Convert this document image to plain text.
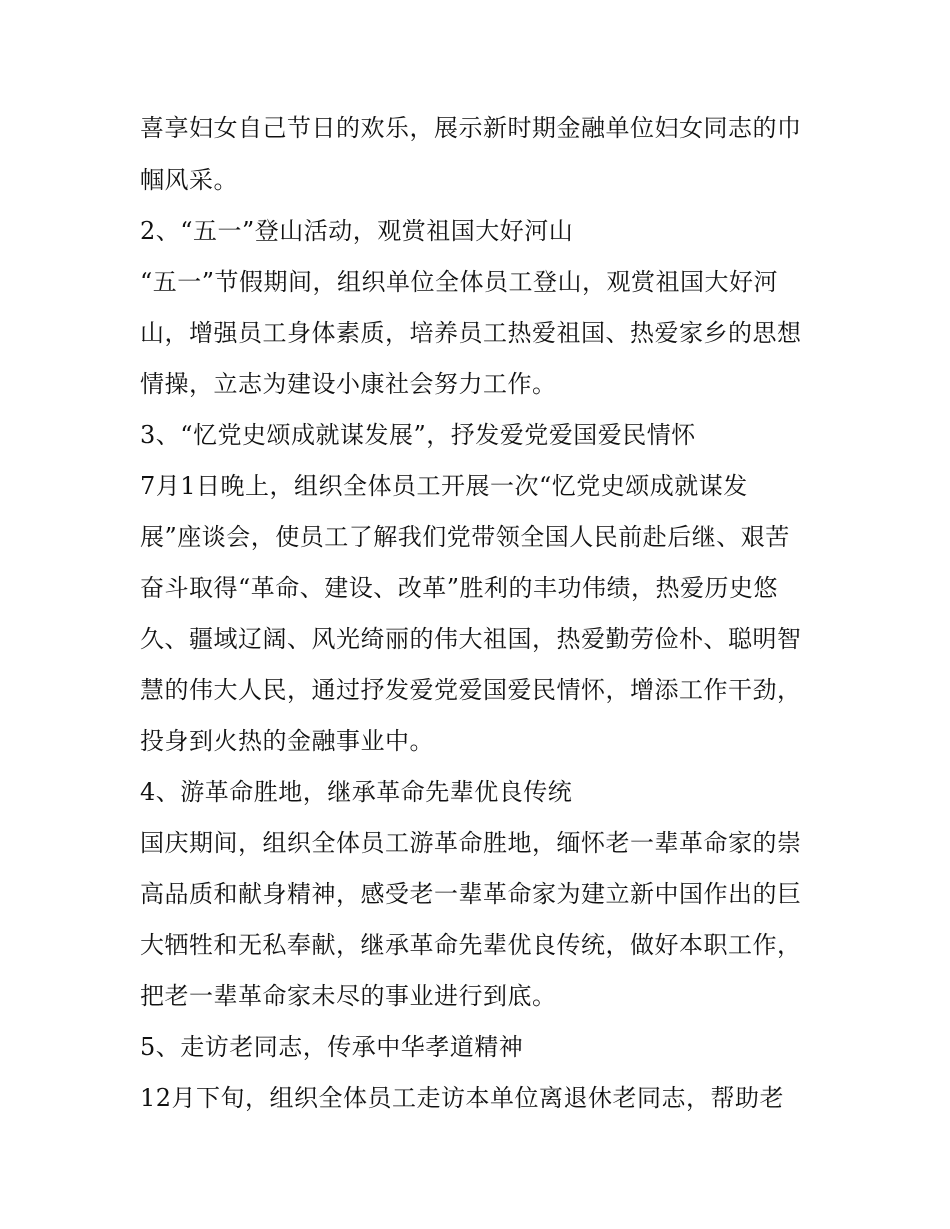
喜享妇女自己节日的欢乐，展示新时期金融单位妇女同志的巾
帼风采。
2、“五一”登山活动，观赏祖国大好河山
“五一”节假期间，组织单位全体员工登山，观赏祖国大好河
山，增强员工身体素质，培养员工热爱祖国、热爱家乡的思想
情操，立志为建设小康社会努力工作。
3、“忆党史颂成就谋发展”，抒发爱党爱国爱民情怀
7月1日晚上，组织全体员工开展一次“忆党史颂成就谋发
展”座谈会，使员工了解我们党带领全国人民前赴后继、艰苦
奋斗取得“革命、建设、改革”胜利的丰功伟绩，热爱历史悠
久、疆域辽阔、风光绮丽的伟大祖国，热爱勤劳俭朴、聪明智
慧的伟大人民，通过抒发爱党爱国爱民情怀，增添工作干劲，
投身到火热的金融事业中。
4、游革命胜地，继承革命先辈优良传统
国庆期间，组织全体员工游革命胜地，缅怀老一辈革命家的崇
高品质和献身精神，感受老一辈革命家为建立新中国作出的巨
大牺牲和无私奉献，继承革命先辈优良传统，做好本职工作，
把老一辈革命家未尽的事业进行到底。
5、走访老同志，传承中华孝道精神
12月下旬，组织全体员工走访本单位离退休老同志，帮助老
